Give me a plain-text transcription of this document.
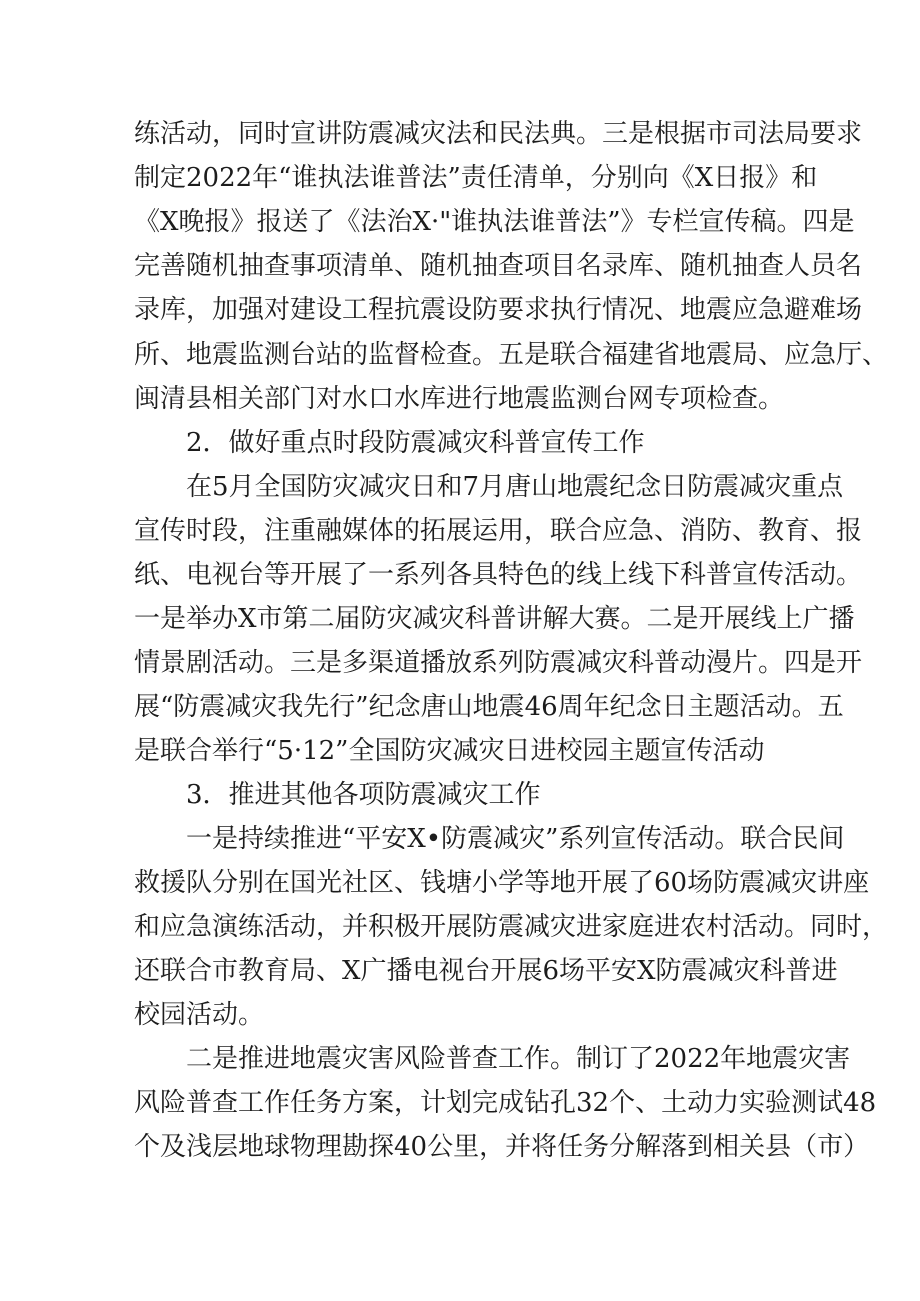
练活动，同时宣讲防震减灾法和民法典。三是根据市司法局要求
制定2022年“谁执法谁普法”责任清单，分别向《X日报》和
《X晚报》报送了《法治X·"谁执法谁普法”》专栏宣传稿。四是
完善随机抽查事项清单、随机抽查项目名录库、随机抽查人员名
录库，加强对建设工程抗震设防要求执行情况、地震应急避难场
所、地震监测台站的监督检查。五是联合福建省地震局、应急厅、
闽清县相关部门对水口水库进行地震监测台网专项检查。
2．做好重点时段防震减灾科普宣传工作
在5月全国防灾减灾日和7月唐山地震纪念日防震减灾重点
宣传时段，注重融媒体的拓展运用，联合应急、消防、教育、报
纸、电视台等开展了一系列各具特色的线上线下科普宣传活动。
一是举办X市第二届防灾减灾科普讲解大赛。二是开展线上广播
情景剧活动。三是多渠道播放系列防震减灾科普动漫片。四是开
展“防震减灾我先行”纪念唐山地震46周年纪念日主题活动。五
是联合举行“5·12”全国防灾减灾日进校园主题宣传活动
3．推进其他各项防震减灾工作
一是持续推进“平安X•防震减灾”系列宣传活动。联合民间
救援队分别在国光社区、钱塘小学等地开展了60场防震减灾讲座
和应急演练活动，并积极开展防震减灾进家庭进农村活动。同时，
还联合市教育局、X广播电视台开展6场平安X防震减灾科普进
校园活动。
二是推进地震灾害风险普查工作。制订了2022年地震灾害
风险普查工作任务方案，计划完成钻孔32个、土动力实验测试48
个及浅层地球物理勘探40公里，并将任务分解落到相关县（市）
